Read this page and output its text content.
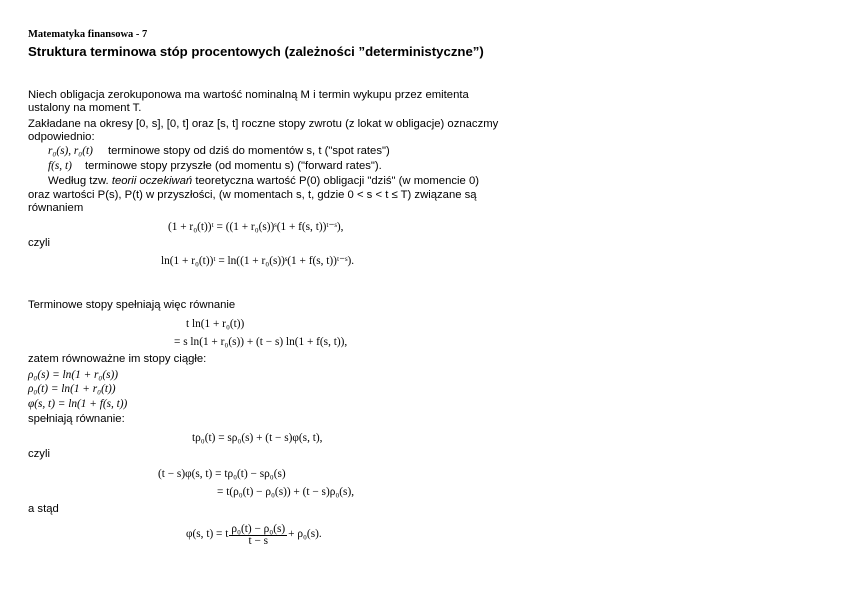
Matematyka finansowa - 7
Struktura terminowa stóp procentowych (zależności ”deterministyczne”)
Niech obligacja zerokuponowa ma wartość nominalną M i termin wykupu przez emitenta
ustalony na moment T.
Zakładane na okresy [0, s], [0, t] oraz [s, t] roczne stopy zwrotu (z lokat w obligacje) oznaczmy
odpowiednio:
r₀(s), r₀(t) terminowe stopy od dziś do momentów s, t ("spot rates")
f(s, t) terminowe stopy przyszłe (od momentu s) ("forward rates").
Według tzw. teorii oczekiwań teoretyczna wartość P(0) obligacji "dziś" (w momencie 0)
oraz wartości P(s), P(t) w przyszłości, (w momentach s, t, gdzie 0 < s < t ≤ T) związane są
równaniem
(1 + r₀(t))ᵗ = ((1 + r₀(s))ˢ(1 + f(s, t))ᵗ⁻ˢ),
czyli
ln(1 + r₀(t))ᵗ = ln((1 + r₀(s))ˢ(1 + f(s, t))ᵗ⁻ˢ).
Terminowe stopy spełniają więc równanie
t ln(1 + r₀(t))
= s ln(1 + r₀(s)) + (t − s) ln(1 + f(s, t)),
zatem równoważne im stopy ciągłe:
ρ₀(s) = ln(1 + r₀(s))
ρ₀(t) = ln(1 + r₀(t))
φ(s, t) = ln(1 + f(s, t))
spełniają równanie:
tρ₀(t) = sρ₀(s) + (t − s)φ(s, t),
czyli
(t − s)φ(s, t) = tρ₀(t) − sρ₀(s)
= t(ρ₀(t) − ρ₀(s)) + (t − s)ρ₀(s),
a stąd
φ(s, t) = t $\frac{\text{ρ₀(t) − ρ₀(s)}}{t - s} + \rho_0(s)$.
